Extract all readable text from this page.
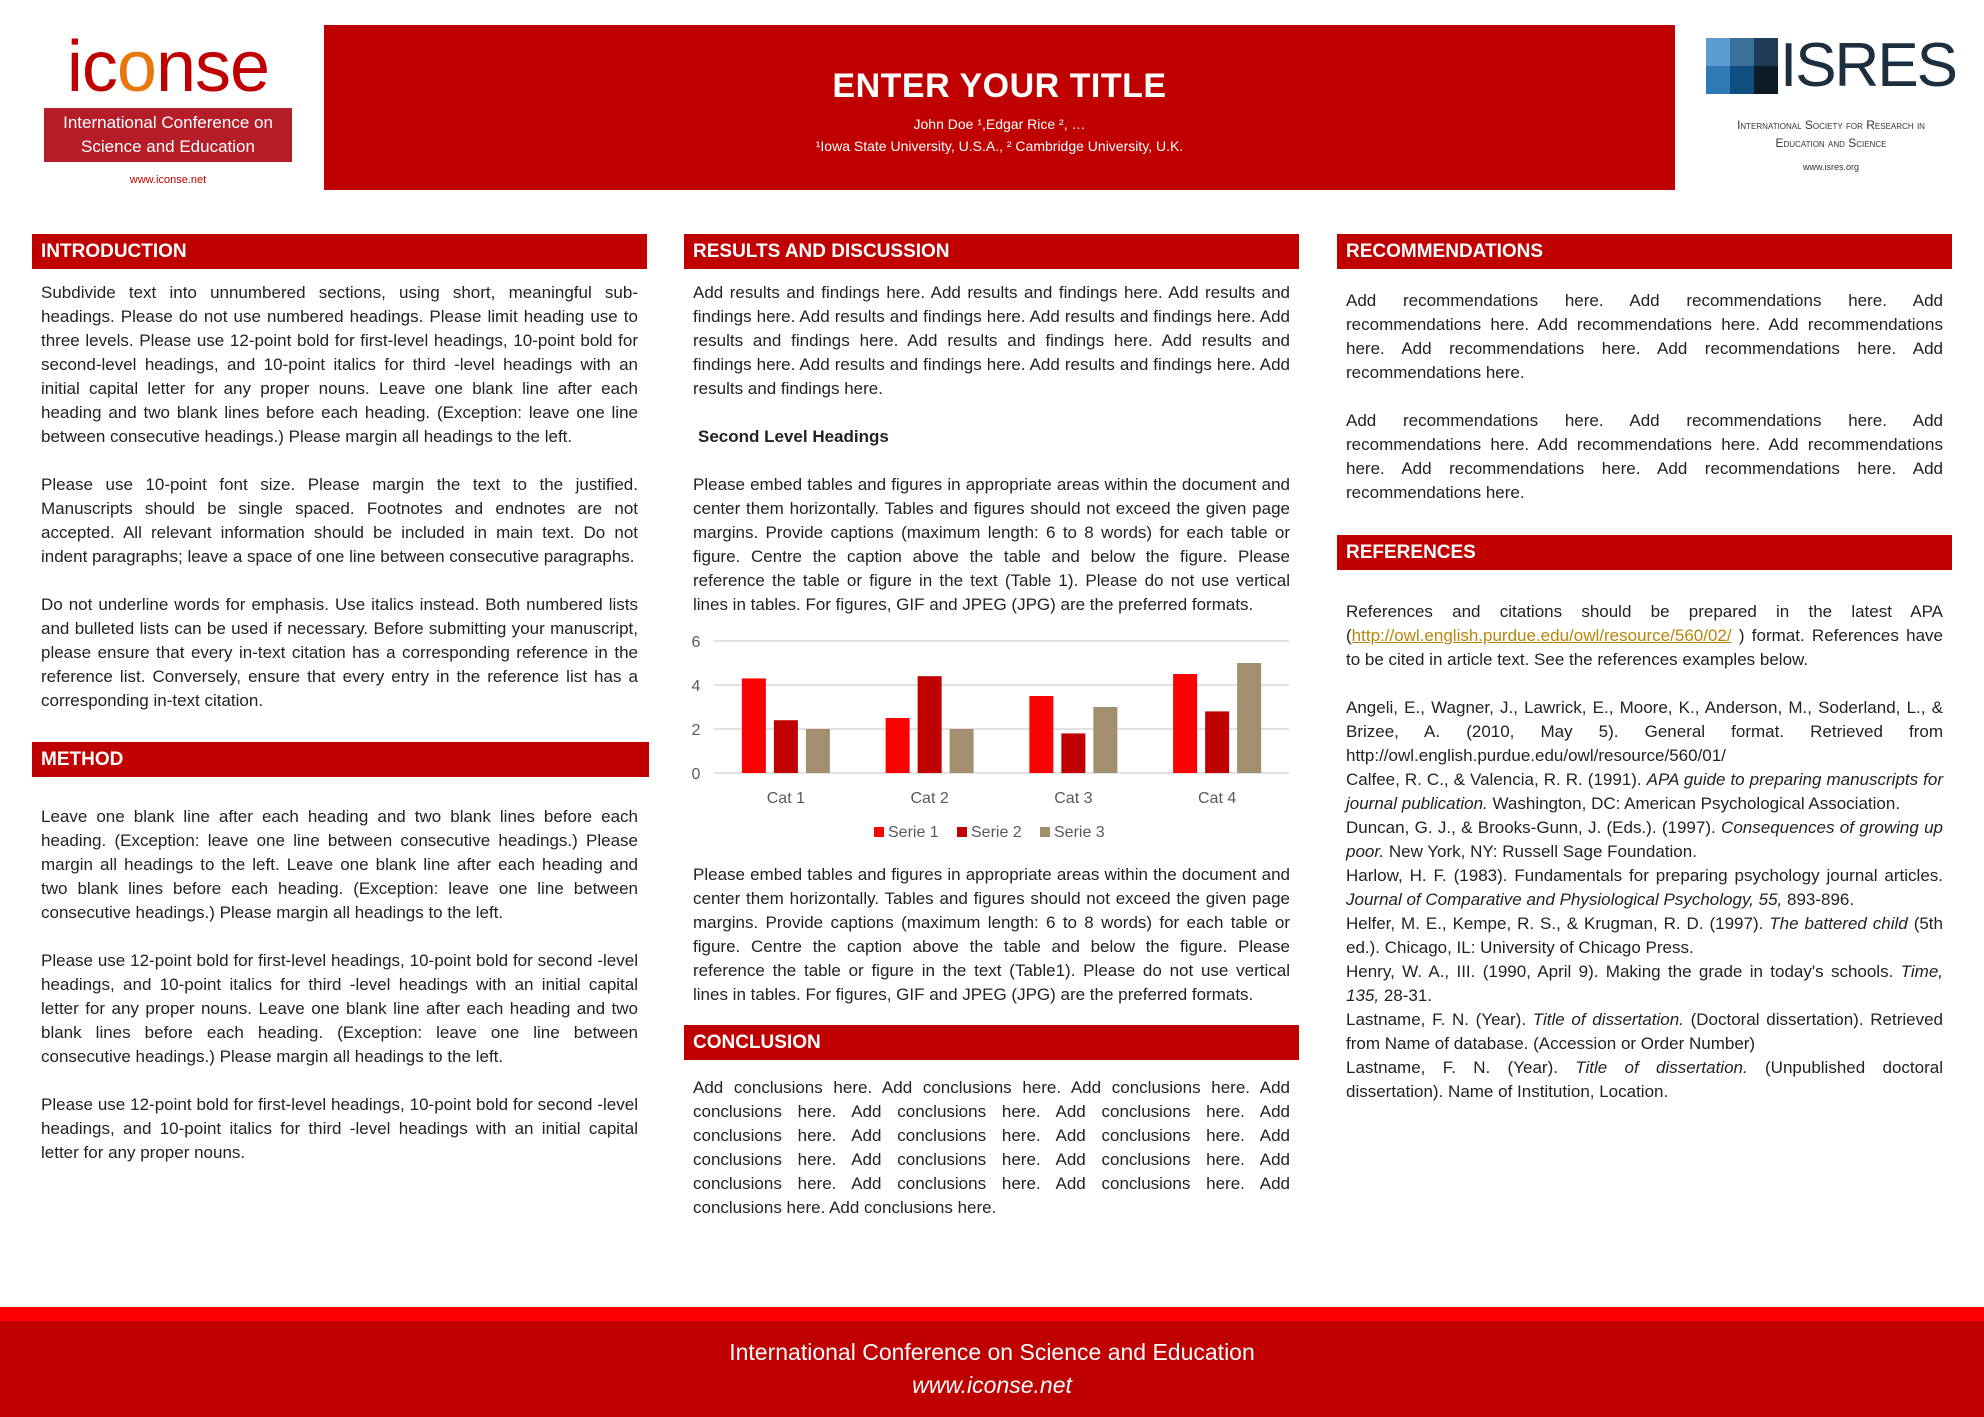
iconse
International Conference on
Science and Education
www.iconse.net
ENTER YOUR TITLE
John Doe ¹,Edgar Rice ², …
¹Iowa State University, U.S.A., ² Cambridge University, U.K.
ISRES
International Society for Research in
Education and Science
www.isres.org
INTRODUCTION

Subdivide text into unnumbered sections, using short, meaningful sub-headings. Please do not use numbered headings. Please limit heading use to three levels. Please use 12-point bold for first-level headings, 10-point bold for second-level headings, and 10-point italics for third -level headings with an initial capital letter for any proper nouns. Leave one blank line after each heading and two blank lines before each heading. (Exception: leave one line between consecutive headings.) Please margin all headings to the left.

Please use 10-point font size. Please margin the text to the justified. Manuscripts should be single spaced. Footnotes and endnotes are not accepted. All relevant information should be included in main text. Do not indent paragraphs; leave a space of one line between consecutive paragraphs.

Do not underline words for emphasis. Use italics instead. Both numbered lists and bulleted lists can be used if necessary. Before submitting your manuscript, please ensure that every in-text citation has a corresponding reference in the reference list. Conversely, ensure that every entry in the reference list has a corresponding in-text citation.

METHOD

Leave one blank line after each heading and two blank lines before each heading. (Exception: leave one line between consecutive headings.) Please margin all headings to the left. Leave one blank line after each heading and two blank lines before each heading. (Exception: leave one line between consecutive headings.) Please margin all headings to the left.

Please use 12-point bold for first-level headings, 10-point bold for second -level headings, and 10-point italics for third -level headings with an initial capital letter for any proper nouns. Leave one blank line after each heading and two blank lines before each heading. (Exception: leave one line between consecutive headings.) Please margin all headings to the left.

Please use 12-point bold for first-level headings, 10-point bold for second -level headings, and 10-point italics for third -level headings with an initial capital letter for any proper nouns.

RESULTS AND DISCUSSION

Add results and findings here. Add results and findings here. Add results and findings here. Add results and findings here. Add results and findings here. Add results and findings here. Add results and findings here. Add results and findings here. Add results and findings here. Add results and findings here. Add results and findings here.

Second Level Headings

Please embed tables and figures in appropriate areas within the document and center them horizontally. Tables and figures should not exceed the given page margins. Provide captions (maximum length: 6 to 8 words) for each table or figure. Centre the caption above the table and below the figure. Please reference the table or figure in the text (Table 1). Please do not use vertical lines in tables. For figures, GIF and JPEG (JPG) are the preferred formats.

0
2
4
6
Cat 1	Cat 2	Cat 3	Cat 4
Serie 1 Serie 2 Serie 3

Please embed tables and figures in appropriate areas within the document and center them horizontally. Tables and figures should not exceed the given page margins. Provide captions (maximum length: 6 to 8 words) for each table or figure. Centre the caption above the table and below the figure. Please reference the table or figure in the text (Table1). Please do not use vertical lines in tables. For figures, GIF and JPEG (JPG) are the preferred formats.

CONCLUSION

Add conclusions here. Add conclusions here. Add conclusions here. Add conclusions here. Add conclusions here. Add conclusions here. Add conclusions here. Add conclusions here. Add conclusions here. Add conclusions here. Add conclusions here. Add conclusions here. Add conclusions here. Add conclusions here. Add conclusions here. Add conclusions here. Add conclusions here.

RECOMMENDATIONS

Add recommendations here. Add recommendations here. Add recommendations here. Add recommendations here. Add recommendations here. Add recommendations here. Add recommendations here. Add recommendations here.

Add recommendations here. Add recommendations here. Add recommendations here. Add recommendations here. Add recommendations here. Add recommendations here. Add recommendations here. Add recommendations here.

REFERENCES

References and citations should be prepared in the latest APA (http://owl.english.purdue.edu/owl/resource/560/02/ ) format. References have to be cited in article text. See the references examples below.

Angeli, E., Wagner, J., Lawrick, E., Moore, K., Anderson, M., Soderland, L., & Brizee, A. (2010, May 5). General format. Retrieved from http://owl.english.purdue.edu/owl/resource/560/01/
Calfee, R. C., & Valencia, R. R. (1991). APA guide to preparing manuscripts for journal publication. Washington, DC: American Psychological Association.
Duncan, G. J., & Brooks-Gunn, J. (Eds.). (1997). Consequences of growing up poor. New York, NY: Russell Sage Foundation.
Harlow, H. F. (1983). Fundamentals for preparing psychology journal articles. Journal of Comparative and Physiological Psychology, 55, 893-896.
Helfer, M. E., Kempe, R. S., & Krugman, R. D. (1997). The battered child (5th ed.). Chicago, IL: University of Chicago Press.
Henry, W. A., III. (1990, April 9). Making the grade in today's schools. Time, 135, 28-31.
Lastname, F. N. (Year). Title of dissertation. (Doctoral dissertation). Retrieved from Name of database. (Accession or Order Number)
Lastname, F. N. (Year). Title of dissertation. (Unpublished doctoral dissertation). Name of Institution, Location.
International Conference on Science and Education
www.iconse.net
